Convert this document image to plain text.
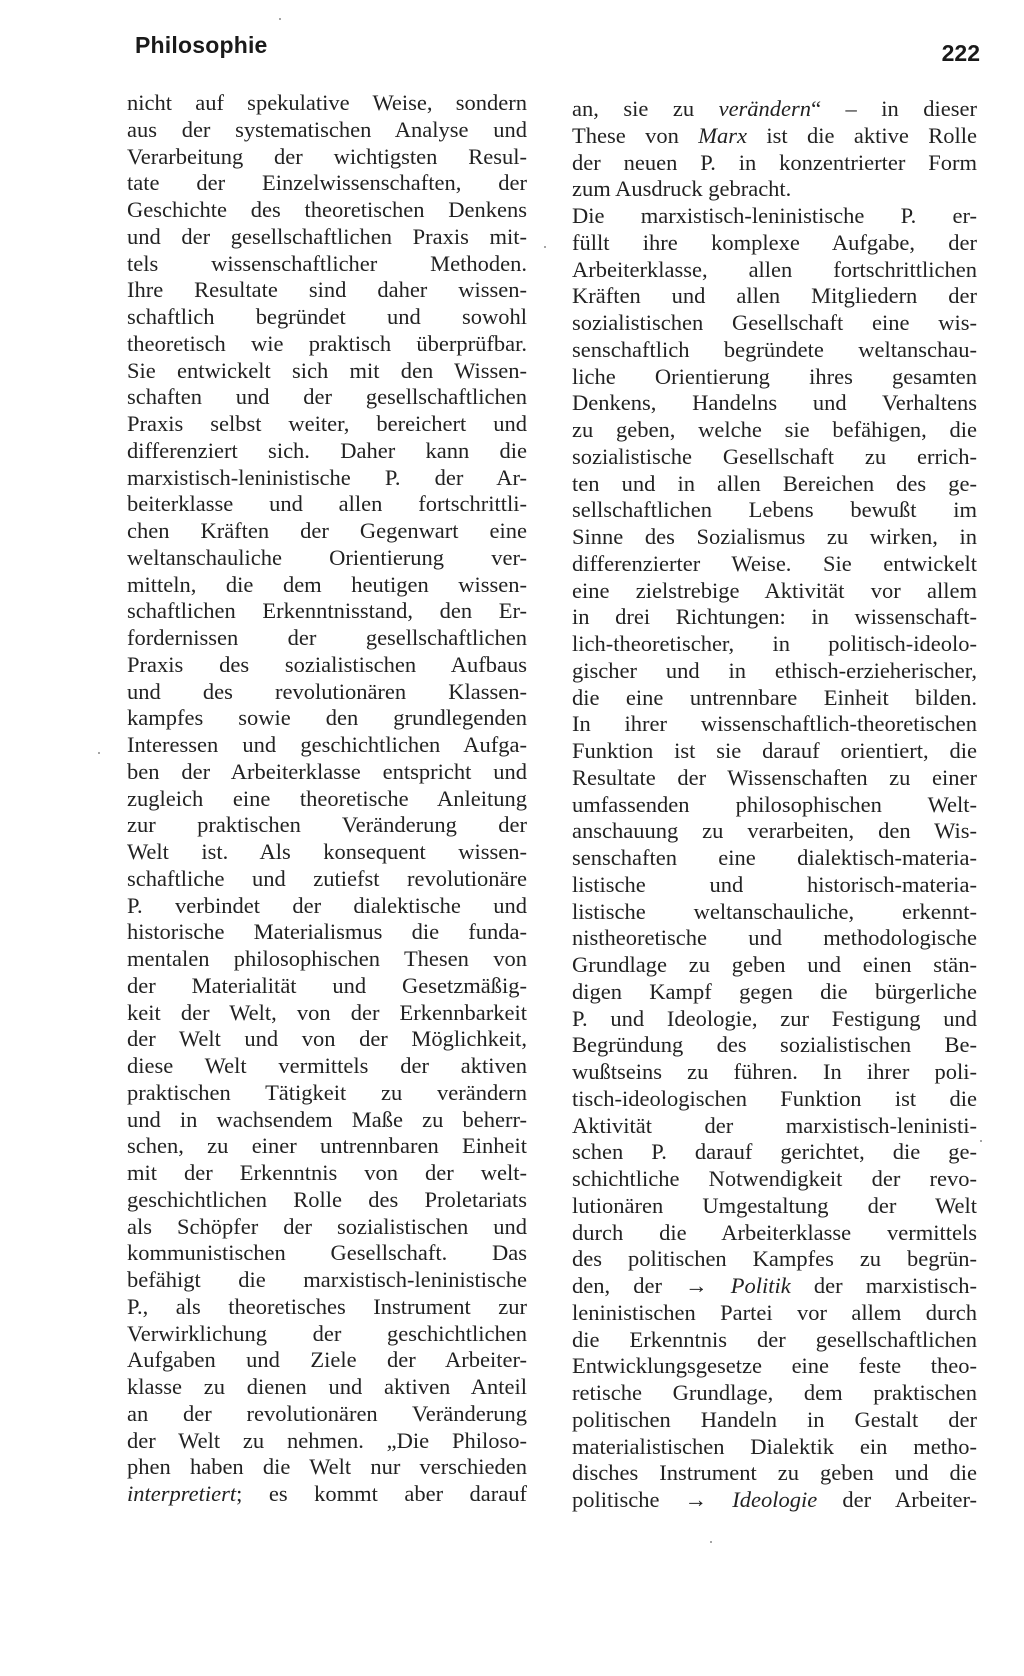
Philosophie	222
nicht auf spekulative Weise, sondern
aus der systematischen Analyse und
Verarbeitung der wichtigsten Resul-
tate der Einzelwissenschaften, der
Geschichte des theoretischen Denkens
und der gesellschaftlichen Praxis mit-
tels wissenschaftlicher Methoden.
Ihre Resultate sind daher wissen-
schaftlich begründet und sowohl
theoretisch wie praktisch überprüfbar.
Sie entwickelt sich mit den Wissen-
schaften und der gesellschaftlichen
Praxis selbst weiter, bereichert und
differenziert sich. Daher kann die
marxistisch-leninistische P. der Ar-
beiterklasse und allen fortschrittli-
chen Kräften der Gegenwart eine
weltanschauliche Orientierung ver-
mitteln, die dem heutigen wissen-
schaftlichen Erkenntnisstand, den Er-
fordernissen der gesellschaftlichen
Praxis des sozialistischen Aufbaus
und des revolutionären Klassen-
kampfes sowie den grundlegenden
Interessen und geschichtlichen Aufga-
ben der Arbeiterklasse entspricht und
zugleich eine theoretische Anleitung
zur praktischen Veränderung der
Welt ist. Als konsequent wissen-
schaftliche und zutiefst revolutionäre
P. verbindet der dialektische und
historische Materialismus die funda-
mentalen philosophischen Thesen von
der Materialität und Gesetzmäßig-
keit der Welt, von der Erkennbarkeit
der Welt und von der Möglichkeit,
diese Welt vermittels der aktiven
praktischen Tätigkeit zu verändern
und in wachsendem Maße zu beherr-
schen, zu einer untrennbaren Einheit
mit der Erkenntnis von der welt-
geschichtlichen Rolle des Proletariats
als Schöpfer der sozialistischen und
kommunistischen Gesellschaft. Das
befähigt die marxistisch-leninistische
P., als theoretisches Instrument zur
Verwirklichung der geschichtlichen
Aufgaben und Ziele der Arbeiter-
klasse zu dienen und aktiven Anteil
an der revolutionären Veränderung
der Welt zu nehmen. „Die Philoso-
phen haben die Welt nur verschieden
interpretiert; es kommt aber darauf
an, sie zu verändern“ – in dieser
These von Marx ist die aktive Rolle
der neuen P. in konzentrierter Form
zum Ausdruck gebracht.
Die marxistisch-leninistische P. er-
füllt ihre komplexe Aufgabe, der
Arbeiterklasse, allen fortschrittlichen
Kräften und allen Mitgliedern der
sozialistischen Gesellschaft eine wis-
senschaftlich begründete weltanschau-
liche Orientierung ihres gesamten
Denkens, Handelns und Verhaltens
zu geben, welche sie befähigen, die
sozialistische Gesellschaft zu errich-
ten und in allen Bereichen des ge-
sellschaftlichen Lebens bewußt im
Sinne des Sozialismus zu wirken, in
differenzierter Weise. Sie entwickelt
eine zielstrebige Aktivität vor allem
in drei Richtungen: in wissenschaft-
lich-theoretischer, in politisch-ideolo-
gischer und in ethisch-erzieherischer,
die eine untrennbare Einheit bilden.
In ihrer wissenschaftlich-theoretischen
Funktion ist sie darauf orientiert, die
Resultate der Wissenschaften zu einer
umfassenden philosophischen Welt-
anschauung zu verarbeiten, den Wis-
senschaften eine dialektisch-materia-
listische und historisch-materia-
listische weltanschauliche, erkennt-
nistheoretische und methodologische
Grundlage zu geben und einen stän-
digen Kampf gegen die bürgerliche
P. und Ideologie, zur Festigung und
Begründung des sozialistischen Be-
wußtseins zu führen. In ihrer poli-
tisch-ideologischen Funktion ist die
Aktivität der marxistisch-leninisti-
schen P. darauf gerichtet, die ge-
schichtliche Notwendigkeit der revo-
lutionären Umgestaltung der Welt
durch die Arbeiterklasse vermittels
des politischen Kampfes zu begrün-
den, der → Politik der marxistisch-
leninistischen Partei vor allem durch
die Erkenntnis der gesellschaftlichen
Entwicklungsgesetze eine feste theo-
retische Grundlage, dem praktischen
politischen Handeln in Gestalt der
materialistischen Dialektik ein metho-
disches Instrument zu geben und die
politische → Ideologie der Arbeiter-
